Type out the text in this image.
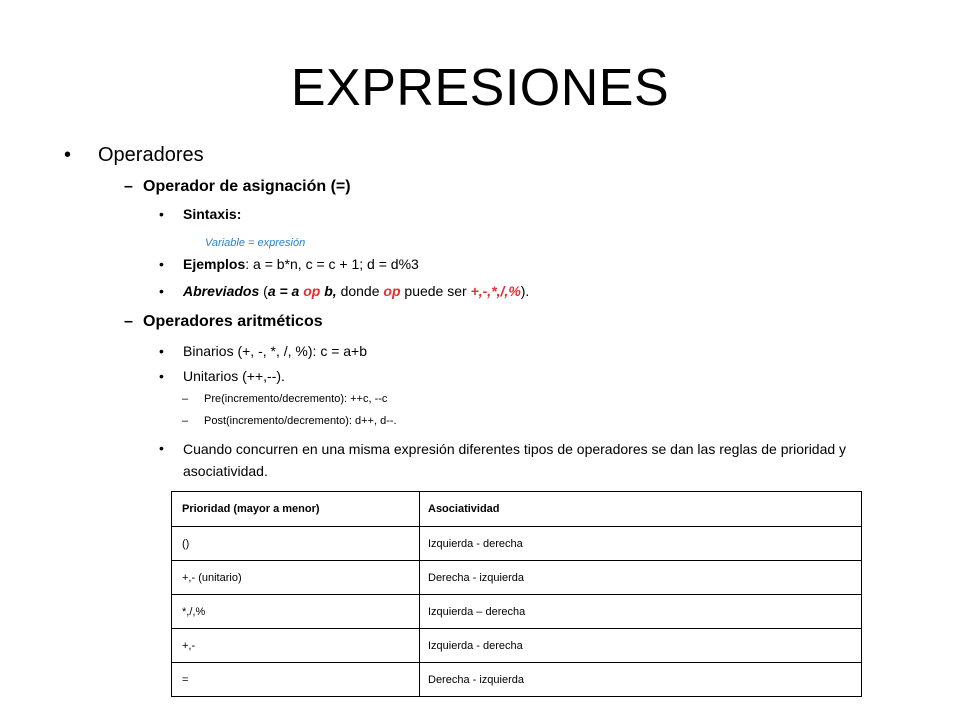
EXPRESIONES
• Operadores
– Operador de asignación (=)
• Sintaxis:
Variable = expresión
• Ejemplos: a = b*n, c = c + 1; d = d%3
• Abreviados (a = a op b, donde op puede ser +,-,*,/,%).
– Operadores aritméticos
• Binarios (+, -, *, /, %): c = a+b
• Unitarios (++,--).
– Pre(incremento/decremento): ++c, --c
– Post(incremento/decremento): d++, d--.
• Cuando concurren en una misma expresión diferentes tipos de operadores se dan las reglas de prioridad y asociatividad.
Prioridad (mayor a menor)	Asociatividad
()	Izquierda - derecha
+,- (unitario)	Derecha - izquierda
*,/,%	Izquierda – derecha
+,-	Izquierda - derecha
=	Derecha - izquierda
